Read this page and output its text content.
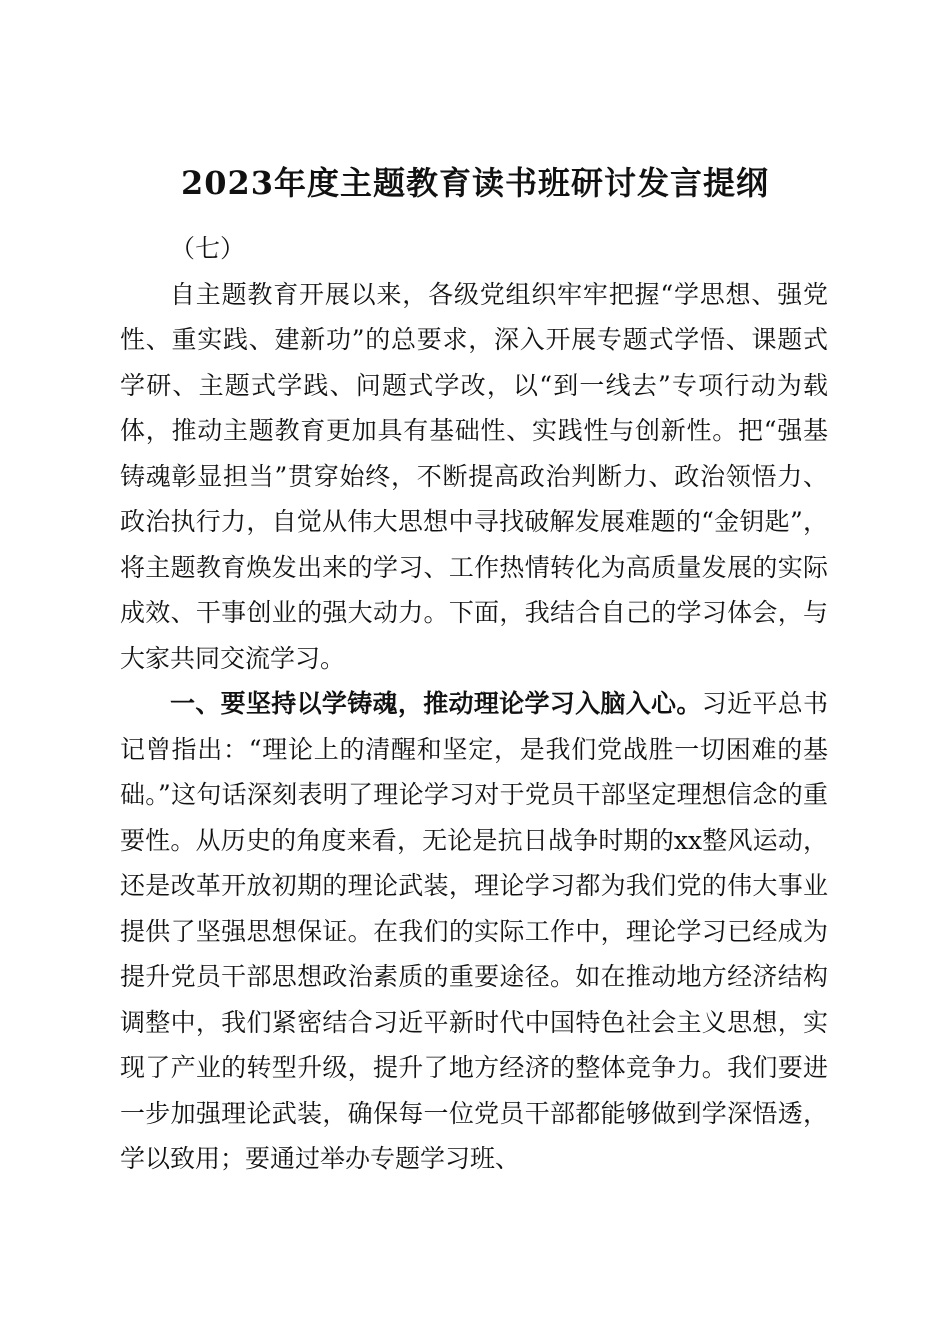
2023年度主题教育读书班研讨发言提纲

（七）

自主题教育开展以来，各级党组织牢牢把握“学思想、强党性、重实践、建新功”的总要求，深入开展专题式学悟、课题式学研、主题式学践、问题式学改，以“到一线去”专项行动为载体，推动主题教育更加具有基础性、实践性与创新性。把“强基铸魂彰显担当”贯穿始终，不断提高政治判断力、政治领悟力、政治执行力，自觉从伟大思想中寻找破解发展难题的“金钥匙”，将主题教育焕发出来的学习、工作热情转化为高质量发展的实际成效、干事创业的强大动力。下面，我结合自己的学习体会，与大家共同交流学习。

一、要坚持以学铸魂，推动理论学习入脑入心。习近平总书记曾指出：“理论上的清醒和坚定，是我们党战胜一切困难的基础。”这句话深刻表明了理论学习对于党员干部坚定理想信念的重要性。从历史的角度来看，无论是抗日战争时期的xx整风运动，还是改革开放初期的理论武装，理论学习都为我们党的伟大事业提供了坚强思想保证。在我们的实际工作中，理论学习已经成为提升党员干部思想政治素质的重要途径。如在推动地方经济结构调整中，我们紧密结合习近平新时代中国特色社会主义思想，实现了产业的转型升级，提升了地方经济的整体竞争力。我们要进一步加强理论武装，确保每一位党员干部都能够做到学深悟透，学以致用；要通过举办专题学习班、
